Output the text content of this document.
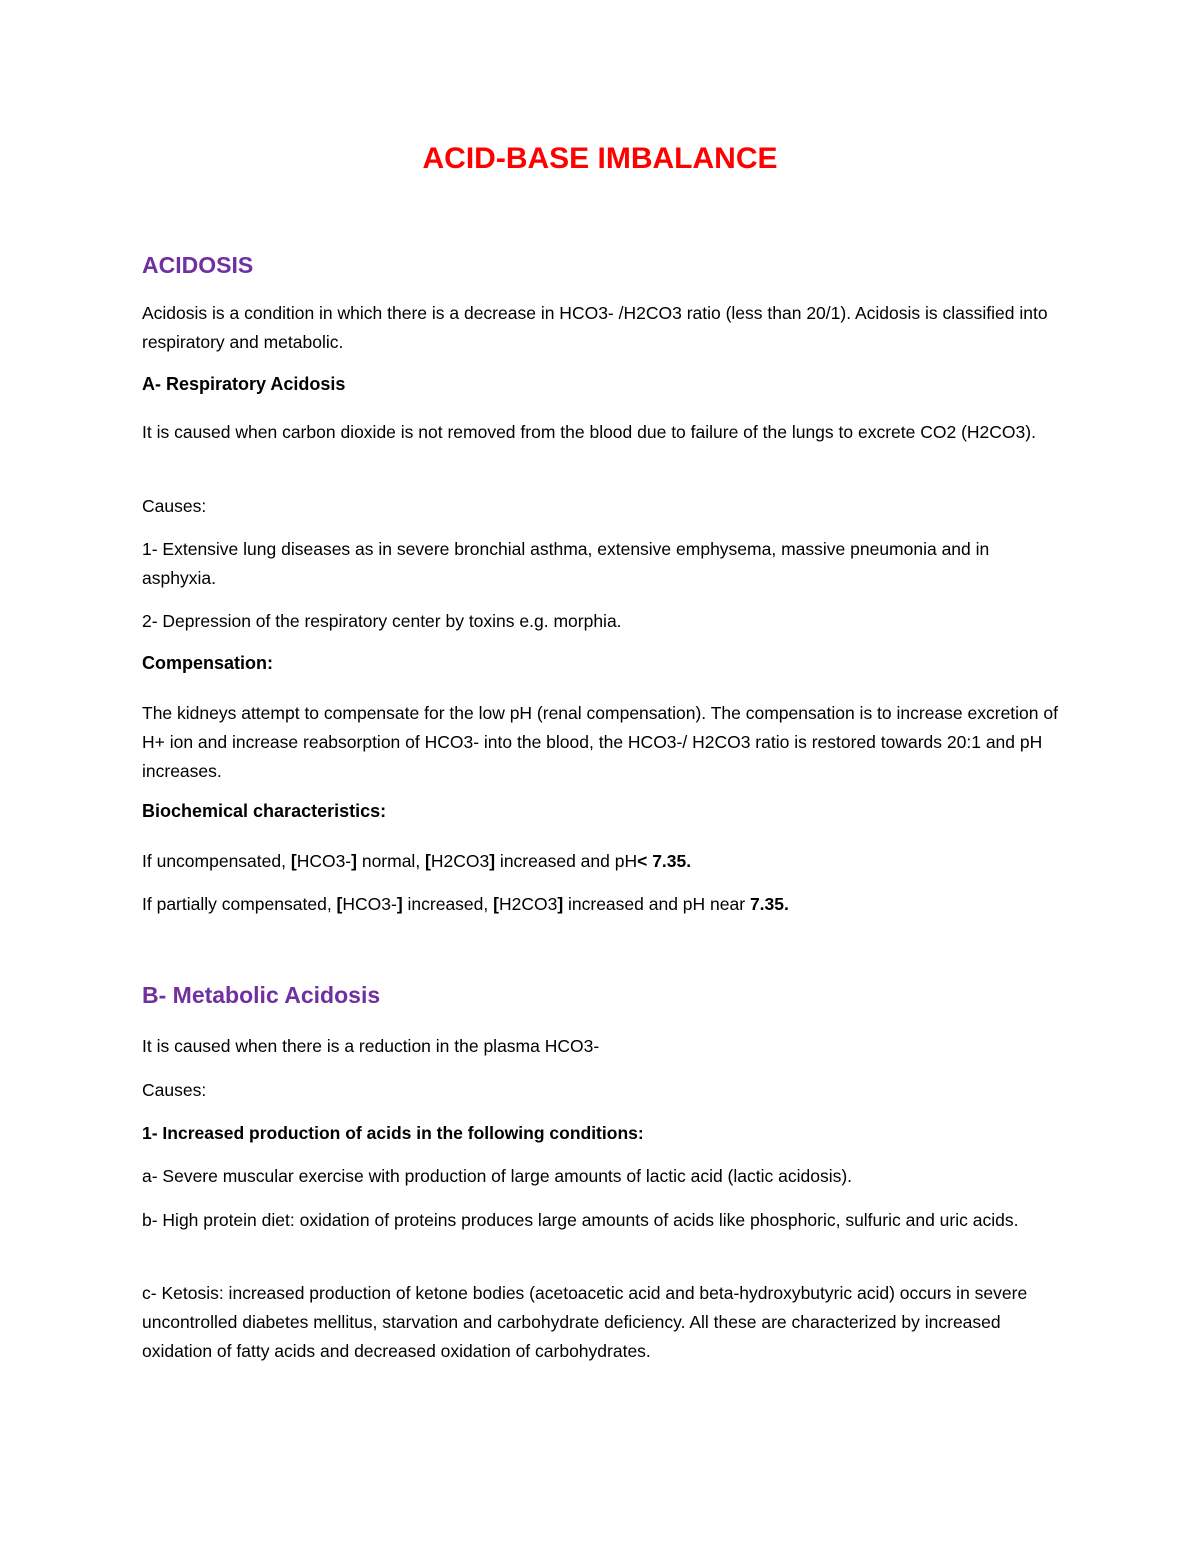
ACID-BASE IMBALANCE
ACIDOSIS

Acidosis is a condition in which there is a decrease in HCO3- /H2CO3 ratio (less than 20/1). Acidosis is classified into respiratory and metabolic.

A- Respiratory Acidosis

It is caused when carbon dioxide is not removed from the blood due to failure of the lungs to excrete CO2 (H2CO3).

Causes:

1- Extensive lung diseases as in severe bronchial asthma, extensive emphysema, massive pneumonia and in asphyxia.

2- Depression of the respiratory center by toxins e.g. morphia.

Compensation:

The kidneys attempt to compensate for the low pH (renal compensation). The compensation is to increase excretion of H+ ion and increase reabsorption of HCO3- into the blood, the HCO3-/ H2CO3 ratio is restored towards 20:1 and pH increases.

Biochemical characteristics:

If uncompensated, [HCO3-] normal, [H2CO3] increased and pH< 7.35.

If partially compensated, [HCO3-] increased, [H2CO3] increased and pH near 7.35.

B- Metabolic Acidosis

It is caused when there is a reduction in the plasma HCO3-

Causes:

1- Increased production of acids in the following conditions:

a- Severe muscular exercise with production of large amounts of lactic acid (lactic acidosis).

b- High protein diet: oxidation of proteins produces large amounts of acids like phosphoric, sulfuric and uric acids.

c- Ketosis: increased production of ketone bodies (acetoacetic acid and beta-hydroxybutyric acid) occurs in severe uncontrolled diabetes mellitus, starvation and carbohydrate deficiency. All these are characterized by increased oxidation of fatty acids and decreased oxidation of carbohydrates.
